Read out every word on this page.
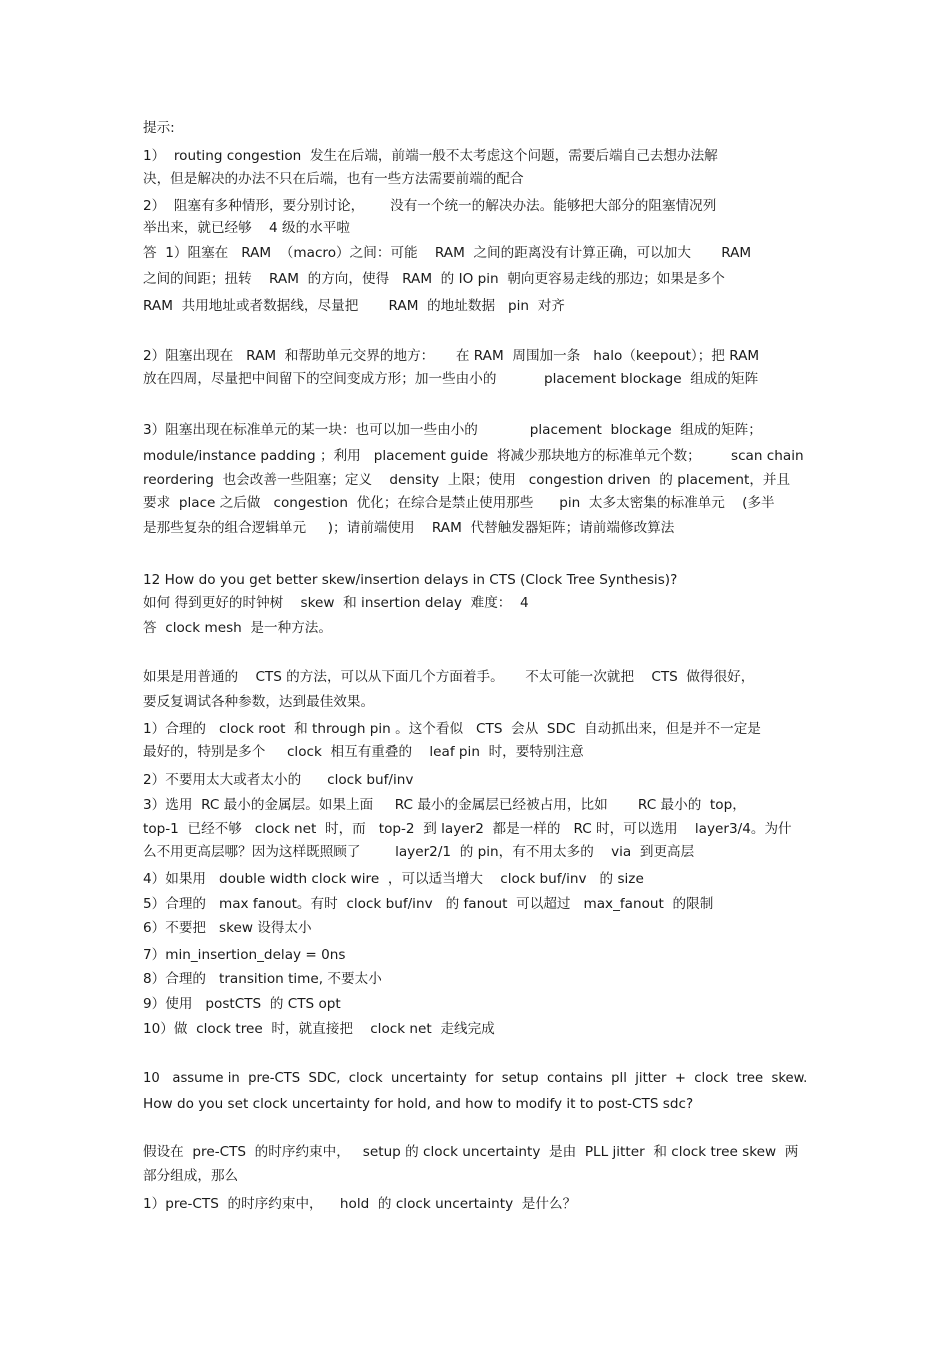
提示:
1）  routing congestion  发生在后端，前端一般不太考虑这个问题，需要后端自己去想办法解
决，但是解决的办法不只在后端，也有一些方法需要前端的配合
2）  阻塞有多种情形，要分别讨论，      没有一个统一的解决办法。能够把大部分的阻塞情况列
举出来，就已经够    4 级的水平啦
答  1）阻塞在   RAM  （macro）之间：可能    RAM  之间的距离没有计算正确，可以加大       RAM
之间的间距；扭转    RAM  的方向，使得   RAM  的 IO pin  朝向更容易走线的那边；如果是多个
RAM  共用地址或者数据线，尽量把       RAM  的地址数据   pin  对齐
2）阻塞出现在   RAM  和帮助单元交界的地方：     在 RAM  周围加一条   halo（keepout）；把 RAM
放在四周，尽量把中间留下的空间变成方形；加一些由小的           placement blockage  组成的矩阵
3）阻塞出现在标准单元的某一块：也可以加一些由小的            placement  blockage  组成的矩阵；
module/instance padding ；利用   placement guide  将减少那块地方的标准单元个数；       scan chain
reordering  也会改善一些阻塞；定义    density  上限；使用   congestion driven  的 placement，并且
要求  place 之后做   congestion  优化；在综合是禁止使用那些      pin  太多太密集的标准单元    (多半
是那些复杂的组合逻辑单元     )；请前端使用    RAM  代替触发器矩阵；请前端修改算法
12 How do you get better skew/insertion delays in CTS (Clock Tree Synthesis)?
如何 得到更好的时钟树    skew  和 insertion delay  难度：  4
答  clock mesh  是一种方法。
如果是用普通的    CTS 的方法，可以从下面几个方面着手。     不太可能一次就把    CTS  做得很好，
要反复调试各种参数，达到最佳效果。
1）合理的   clock root  和 through pin 。这个看似   CTS  会从  SDC  自动抓出来，但是并不一定是
最好的，特别是多个     clock  相互有重叠的    leaf pin  时，要特别注意
2）不要用太大或者太小的      clock buf/inv
3）选用  RC 最小的金属层。如果上面     RC 最小的金属层已经被占用，比如       RC 最小的  top，
top-1  已经不够   clock net  时，而   top-2  到 layer2  都是一样的   RC 时，可以选用    layer3/4。为什
么不用更高层哪？因为这样既照顾了        layer2/1  的 pin，有不用太多的    via  到更高层
4）如果用   double width clock wire  ，可以适当增大    clock buf/inv   的 size
5）合理的   max fanout。有时  clock buf/inv   的 fanout  可以超过   max_fanout  的限制
6）不要把   skew 设得太小
7）min_insertion_delay = 0ns
8）合理的   transition time, 不要太小
9）使用   postCTS  的 CTS opt
10）做  clock tree  时，就直接把    clock net  走线完成
10   assume in  pre-CTS  SDC,  clock  uncertainty  for  setup  contains  pll  jitter  +  clock  tree  skew.
How do you set clock uncertainty for hold, and how to modify it to post-CTS sdc?
假设在  pre-CTS  的时序约束中，   setup 的 clock uncertainty  是由  PLL jitter  和 clock tree skew  两
部分组成，那么
1）pre-CTS  的时序约束中，    hold  的 clock uncertainty  是什么？
